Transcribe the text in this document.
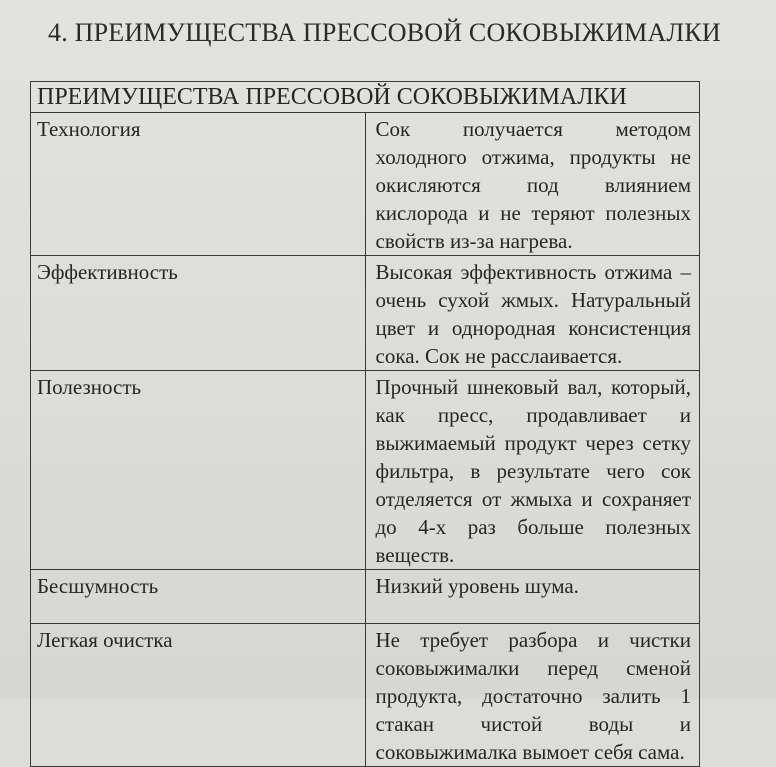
4. ПРЕИМУЩЕСТВА ПРЕССОВОЙ СОКОВЫЖИМАЛКИ
ПРЕИМУЩЕСТВА ПРЕССОВОЙ СОКОВЫЖИМАЛКИ	
Технология	Сок получается методом холодного отжима, продукты не окисляются под влиянием кислорода и не теряют полезных свойств из-за нагрева.
Эффективность	Высокая эффективность отжима – очень сухой жмых. Натуральный цвет и однородная консистенция сока. Сок не расслаивается.
Полезность	Прочный шнековый вал, который, как пресс, продавливает и выжимаемый продукт через сетку фильтра, в результате чего сок отделяется от жмыха и сохраняет до 4-х раз больше полезных веществ.
Бесшумность	Низкий уровень шума.
Легкая очистка	Не требует разбора и чистки соковыжималки перед сменой продукта, достаточно залить 1 стакан чистой воды и соковыжималка вымоет себя сама.
